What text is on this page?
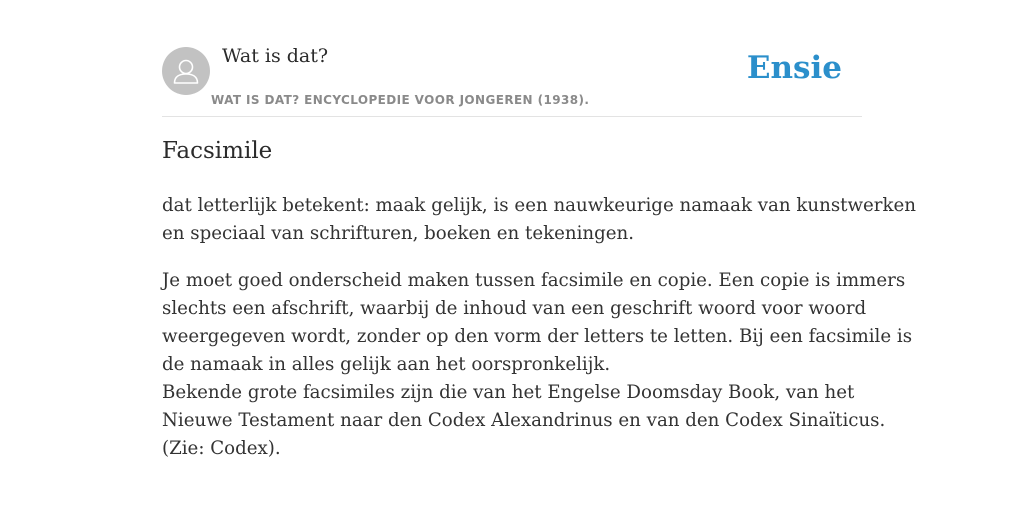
Wat is dat?
WAT IS DAT? ENCYCLOPEDIE VOOR JONGEREN (1938).
Ensie
Facsimile

dat letterlijk betekent: maak gelijk, is een nauwkeurige namaak van kunstwerken
en speciaal van schrifturen, boeken en tekeningen.

Je moet goed onderscheid maken tussen facsimile en copie. Een copie is immers
slechts een afschrift, waarbij de inhoud van een geschrift woord voor woord
weergegeven wordt, zonder op den vorm der letters te letten. Bij een facsimile is
de namaak in alles gelijk aan het oorspronkelijk.
Bekende grote facsimiles zijn die van het Engelse Doomsday Book, van het
Nieuwe Testament naar den Codex Alexandrinus en van den Codex Sinaïticus.
(Zie: Codex).
